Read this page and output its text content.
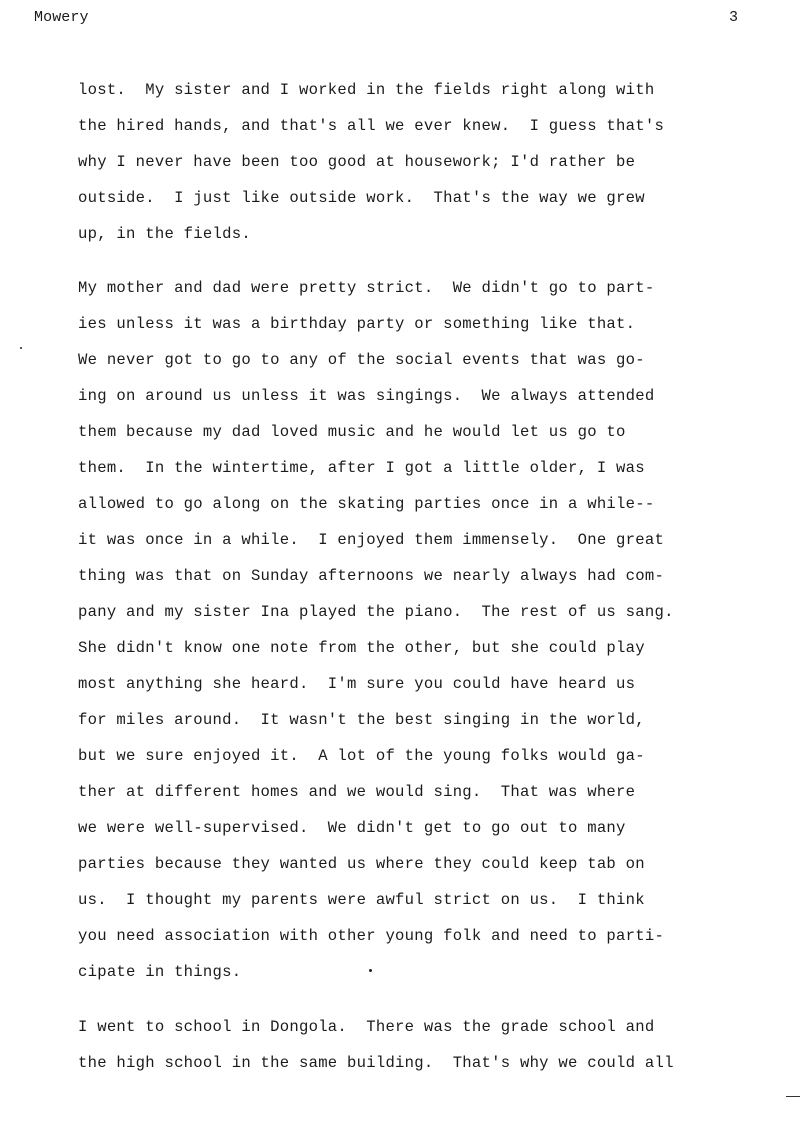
Mowery	3
lost.  My sister and I worked in the fields right along with
the hired hands, and that's all we ever knew.  I guess that's
why I never have been too good at housework; I'd rather be
outside.  I just like outside work.  That's the way we grew
up, in the fields.
My mother and dad were pretty strict.  We didn't go to part-
ies unless it was a birthday party or something like that.
We never got to go to any of the social events that was go-
ing on around us unless it was singings.  We always attended
them because my dad loved music and he would let us go to
them.  In the wintertime, after I got a little older, I was
allowed to go along on the skating parties once in a while--
it was once in a while.  I enjoyed them immensely.  One great
thing was that on Sunday afternoons we nearly always had com-
pany and my sister Ina played the piano.  The rest of us sang.
She didn't know one note from the other, but she could play
most anything she heard.  I'm sure you could have heard us
for miles around.  It wasn't the best singing in the world,
but we sure enjoyed it.  A lot of the young folks would ga-
ther at different homes and we would sing.  That was where
we were well-supervised.  We didn't get to go out to many
parties because they wanted us where they could keep tab on
us.  I thought my parents were awful strict on us.  I think
you need association with other young folk and need to parti-
cipate in things.
I went to school in Dongola.  There was the grade school and
the high school in the same building.  That's why we could all
